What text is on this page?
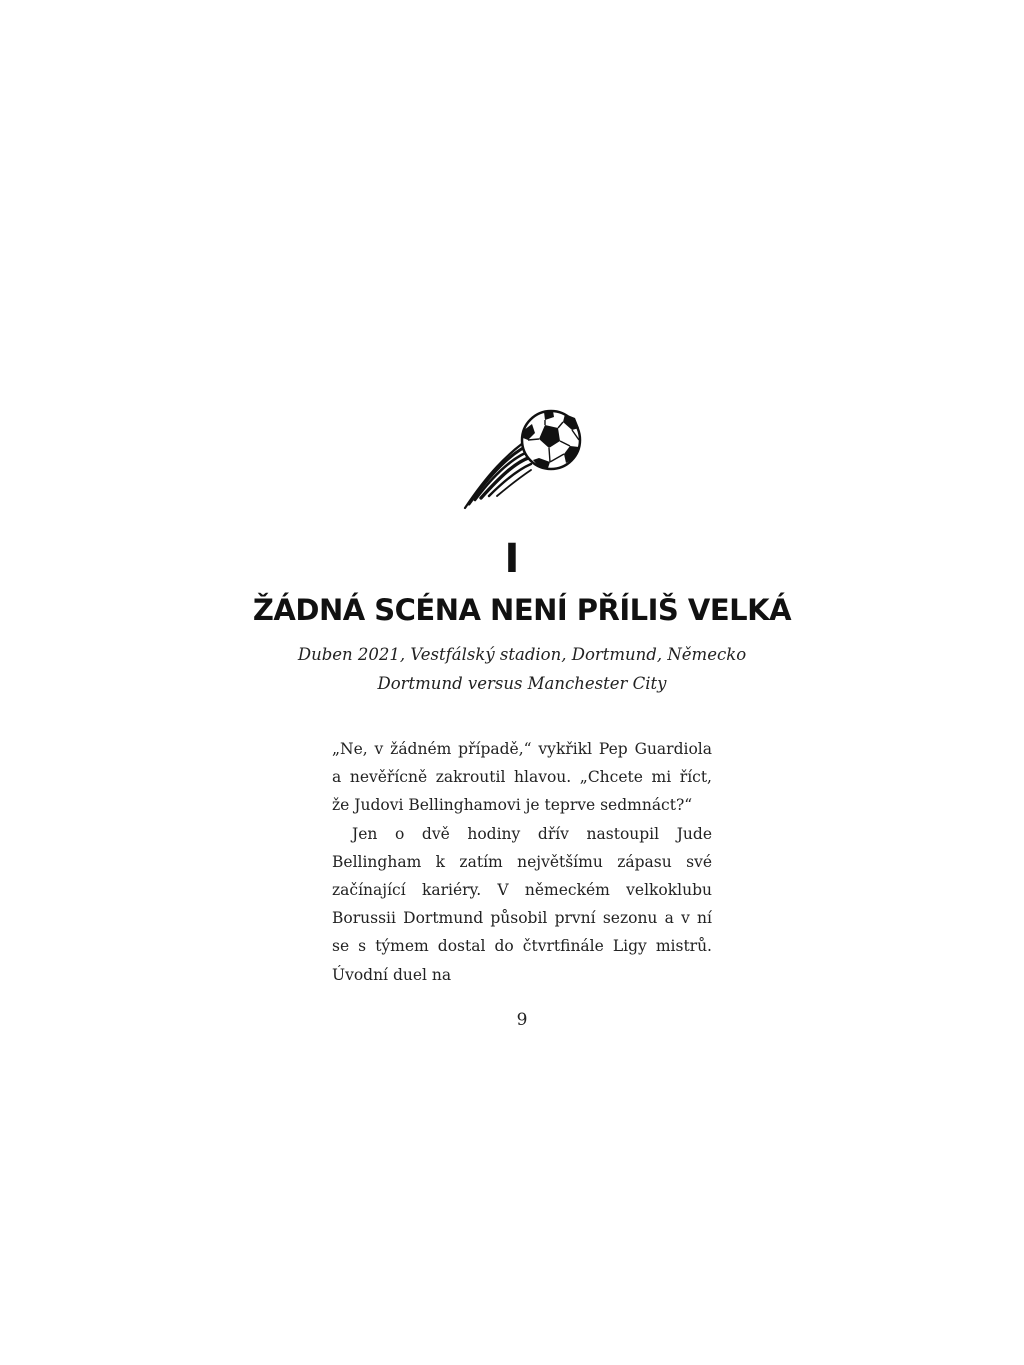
I
ŽÁDNÁ SCÉNA NENÍ PŘÍLIŠ VELKÁ
Duben 2021, Vestfálský stadion, Dortmund, Německo
Dortmund versus Manchester City

„Ne, v žádném případě,“ vykřikl Pep Guardiola a nevěřícně zakroutil hlavou. „Chcete mi říct, že Judovi Bellinghamovi je teprve sedmnáct?“

Jen o dvě hodiny dřív nastoupil Jude Bellingham k zatím největšímu zápasu své začínající kariéry. V německém velkoklubu Borussii Dortmund působil první sezonu a v ní se s týmem dostal do čtvrtfinále Ligy mistrů. Úvodní duel na

9
